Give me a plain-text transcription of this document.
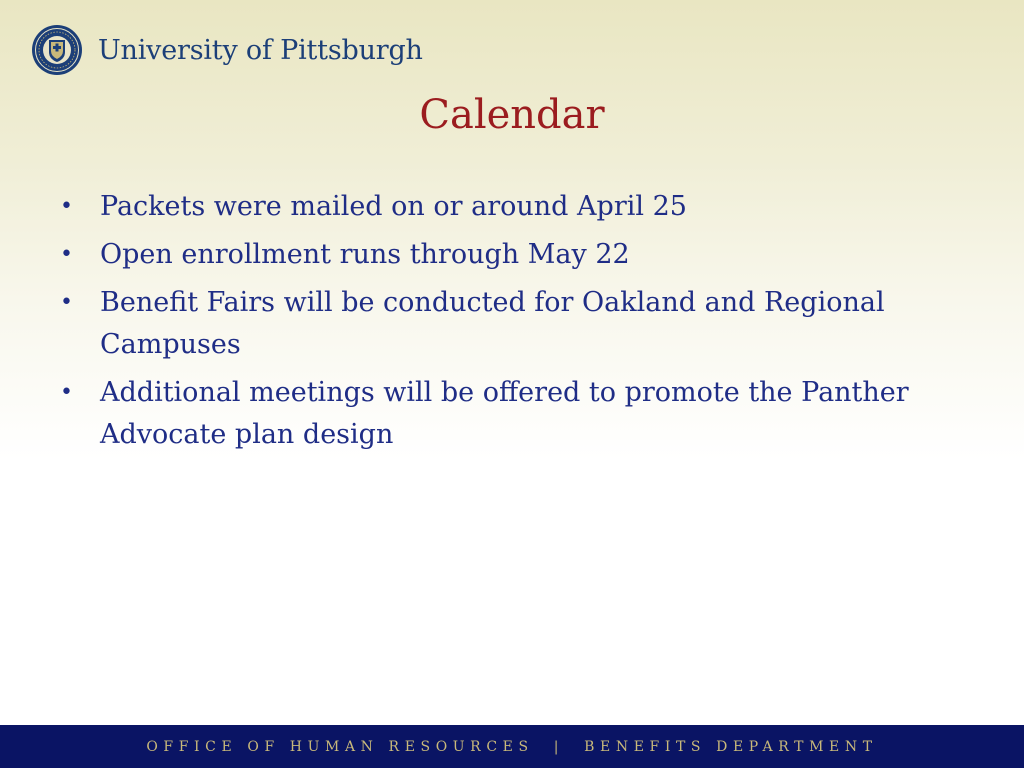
University of Pittsburgh
Calendar
• Packets were mailed on or around April 25
• Open enrollment runs through May 22
• Benefit Fairs will be conducted for Oakland and Regional Campuses
• Additional meetings will be offered to promote the Panther Advocate plan design
OFFICE OF HUMAN RESOURCES  |  BENEFITS DEPARTMENT
